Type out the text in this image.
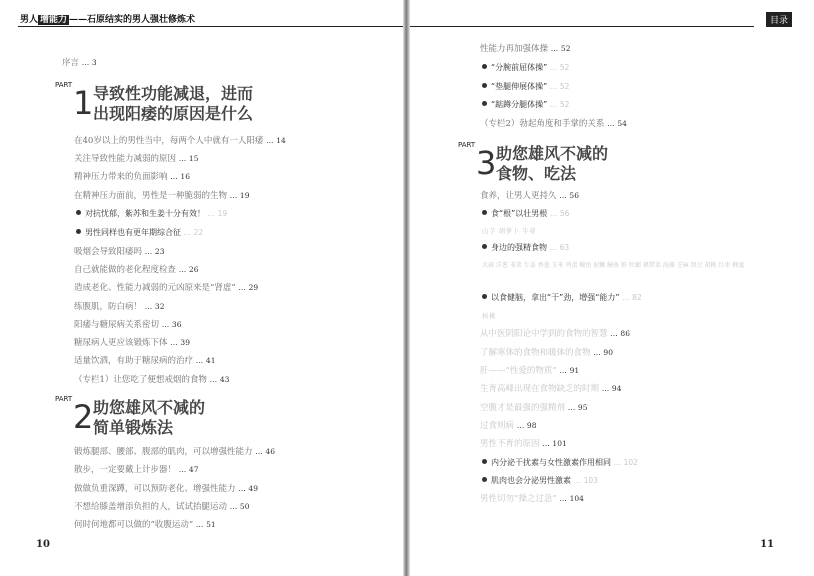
男人 增能力 ——石原结实的男人强壮修炼术
序言 … 3
PART 1 导致性功能减退，进而
出现阳痿的原因是什么
在40岁以上的男性当中，每两个人中就有一人阳痿 … 14
关注导致性能力减弱的原因 … 15
精神压力带来的负面影响 … 16
在精神压力面前，男性是一种脆弱的生物 … 19
对抗忧郁，紫苏和生姜十分有效！ … 19
男性同样也有更年期综合征 … 22
吸烟会导致阳痿吗 … 23
自己就能做的老化程度检查 … 26
造成老化、性能力减弱的元凶原来是“肾虚” … 29
练腹肌，防白病！ … 32
阳痿与糖尿病关系密切 … 36
糖尿病人更应该锻炼下体 … 39
适量饮酒，有助于糖尿病的治疗 … 41
（专栏1）让您吃了便想戒烟的食物 … 43
PART 2 助您雄风不减的
简单锻炼法
锻炼腿部、腰部、腹部的肌肉，可以增强性能力 … 46
散步，一定要戴上计步器！ … 47
做做负重深蹲，可以预防老化、增强性能力 … 49
不想给膝盖增添负担的人，试试抬腿运动 … 50
何时何地都可以做的“收腹运动” … 51
10
目录
性能力再加强体操 … 52
“分腕前屈体操” … 52
“垫腿伸展体操” … 52
“踮蹲分腿体操” … 52
（专栏2）勃起角度和手掌的关系 … 54
PART 3 助您雄风不减的
食物、吃法
食养，让男人更持久 … 56
食“根”以壮男根 … 56
山芋 胡萝卜 牛蒡
身边的强精食物 … 63
大蒜 洋葱 韭菜 生姜 香葱 玉米 鸡蛋 鳗鱼 泥鳅 鳝鱼 虾 牡蛎 裙带菜 海藻 芝麻 黑豆 胡桃 红枣 蜂蜜
以食健脑，拿出“干”劲，增强“能力” … 82
核桃
从中医阴阳论中学到的食物的智慧 … 86
了解寒体的食物和暖体的食物 … 90
肝——“性爱的物质” … 91
生育高峰出现在食物缺乏的时期 … 94
空腹才是最强的强精剂 … 95
过食则病 … 98
男性不育的原因 … 101
内分泌干扰素与女性激素作用相同 … 102
肌肉也会分泌男性激素 … 103
男性切勿“操之过急” … 104
11
